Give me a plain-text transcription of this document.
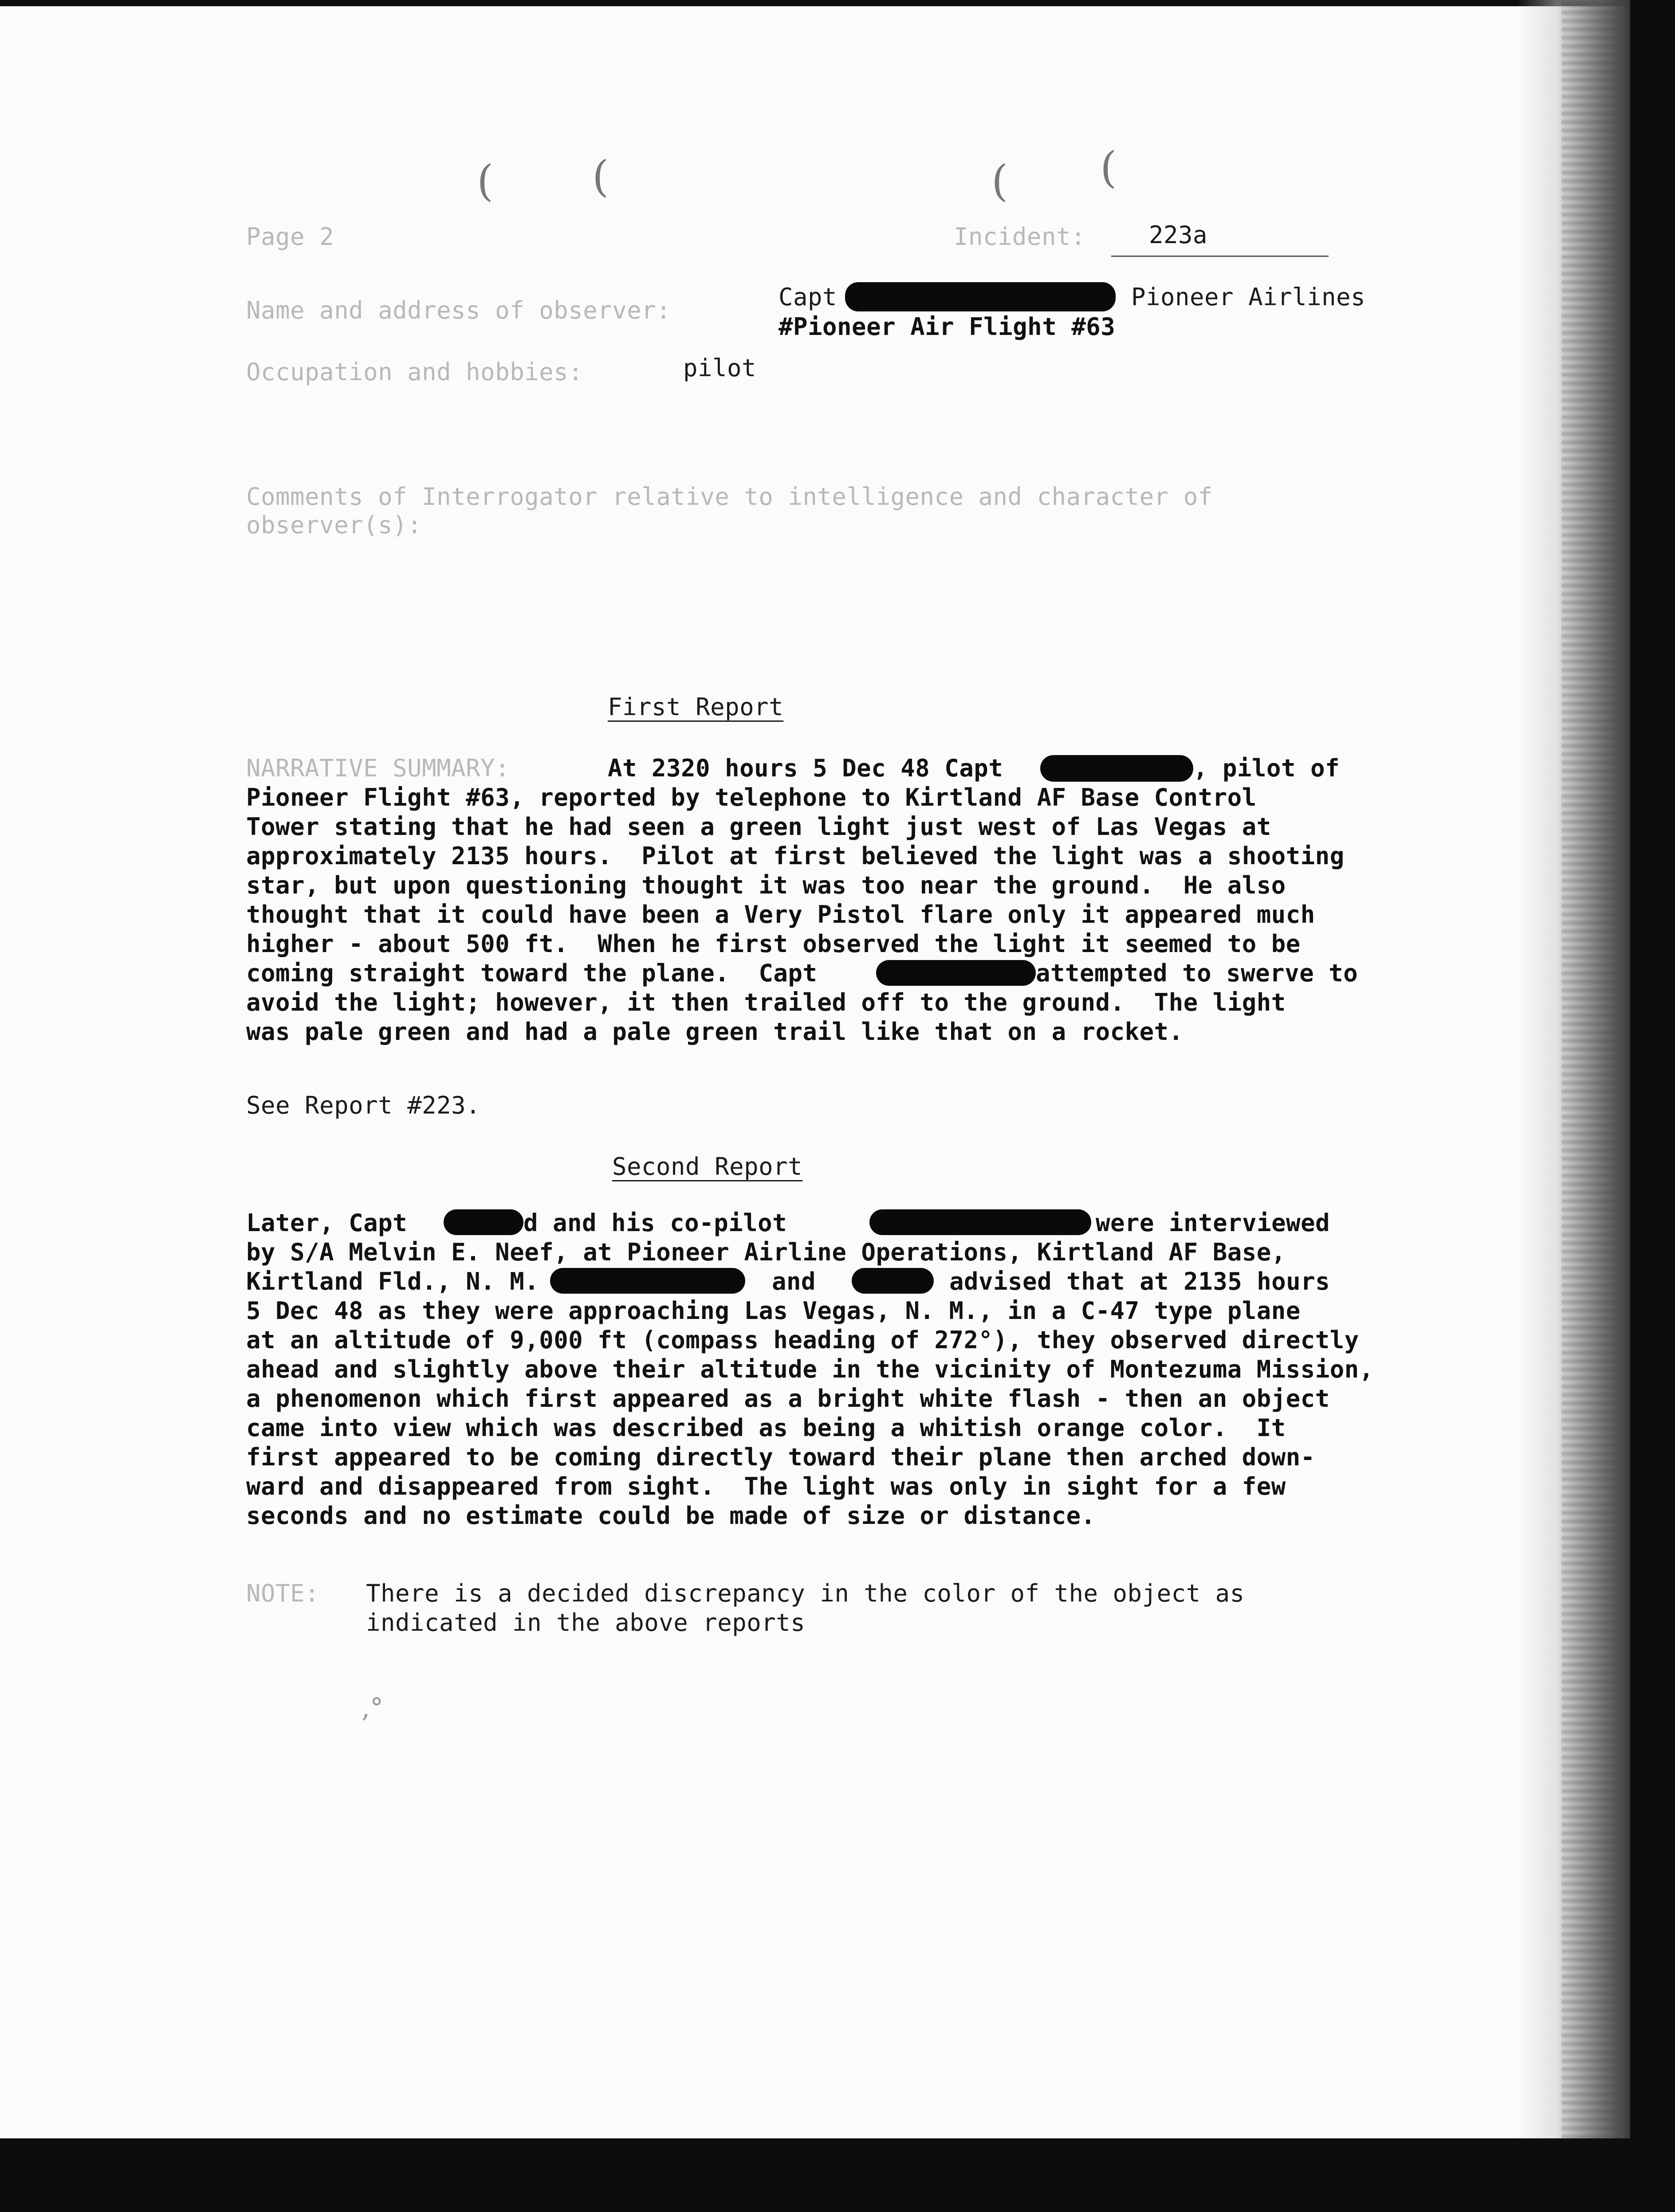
( (	( (
Page 2	Incident:	223a
Name and address of observer:	Capt	Pioneer Airlines
#Pioneer Air Flight #63
Occupation and hobbies:	pilot
Comments of Interrogator relative to intelligence and character of
observer(s):
First Report
NARRATIVE SUMMARY:	At 2320 hours 5 Dec 48 Capt	, pilot of
Pioneer Flight #63, reported by telephone to Kirtland AF Base Control
Tower stating that he had seen a green light just west of Las Vegas at
approximately 2135 hours.  Pilot at first believed the light was a shooting
star, but upon questioning thought it was too near the ground.  He also
thought that it could have been a Very Pistol flare only it appeared much
higher - about 500 ft.  When he first observed the light it seemed to be
coming straight toward the plane.  Capt	attempted to swerve to
avoid the light; however, it then trailed off to the ground.  The light
was pale green and had a pale green trail like that on a rocket.
See Report #223.
Second Report
Later, Capt	d and his co-pilot	were interviewed
by S/A Melvin E. Neef, at Pioneer Airline Operations, Kirtland AF Base,
Kirtland Fld., N. M.	and	advised that at 2135 hours
5 Dec 48 as they were approaching Las Vegas, N. M., in a C-47 type plane
at an altitude of 9,000 ft (compass heading of 272°), they observed directly
ahead and slightly above their altitude in the vicinity of Montezuma Mission,
a phenomenon which first appeared as a bright white flash - then an object
came into view which was described as being a whitish orange color.  It
first appeared to be coming directly toward their plane then arched down-
ward and disappeared from sight.  The light was only in sight for a few
seconds and no estimate could be made of size or distance.
NOTE: There is a decided discrepancy in the color of the object as
indicated in the above reports
,°
